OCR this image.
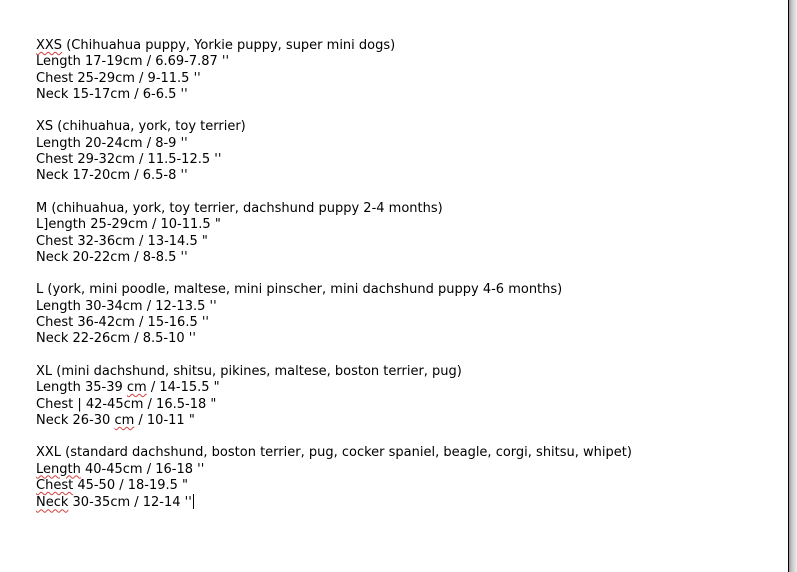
XXS (Chihuahua puppy, Yorkie puppy, super mini dogs)
Length 17-19cm / 6.69-7.87 ''
Chest 25-29cm / 9-11.5 ''
Neck 15-17cm / 6-6.5 ''
XS (chihuahua, york, toy terrier)
Length 20-24cm / 8-9 ''
Chest 29-32cm / 11.5-12.5 ''
Neck 17-20cm / 6.5-8 ''
M (chihuahua, york, toy terrier, dachshund puppy 2-4 months)
L]ength 25-29cm / 10-11.5 "
Chest 32-36cm / 13-14.5 "
Neck 20-22cm / 8-8.5 ''
L (york, mini poodle, maltese, mini pinscher, mini dachshund puppy 4-6 months)
Length 30-34cm / 12-13.5 ''
Chest 36-42cm / 15-16.5 ''
Neck 22-26cm / 8.5-10 ''
XL (mini dachshund, shitsu, pikines, maltese, boston terrier, pug)
Length 35-39 cm / 14-15.5 "
Chest | 42-45cm / 16.5-18 "
Neck 26-30 cm / 10-11 "
XXL (standard dachshund, boston terrier, pug, cocker spaniel, beagle, corgi, shitsu, whipet)
Length 40-45cm / 16-18 ''
Chest 45-50 / 18-19.5 "
Neck 30-35cm / 12-14 ''
